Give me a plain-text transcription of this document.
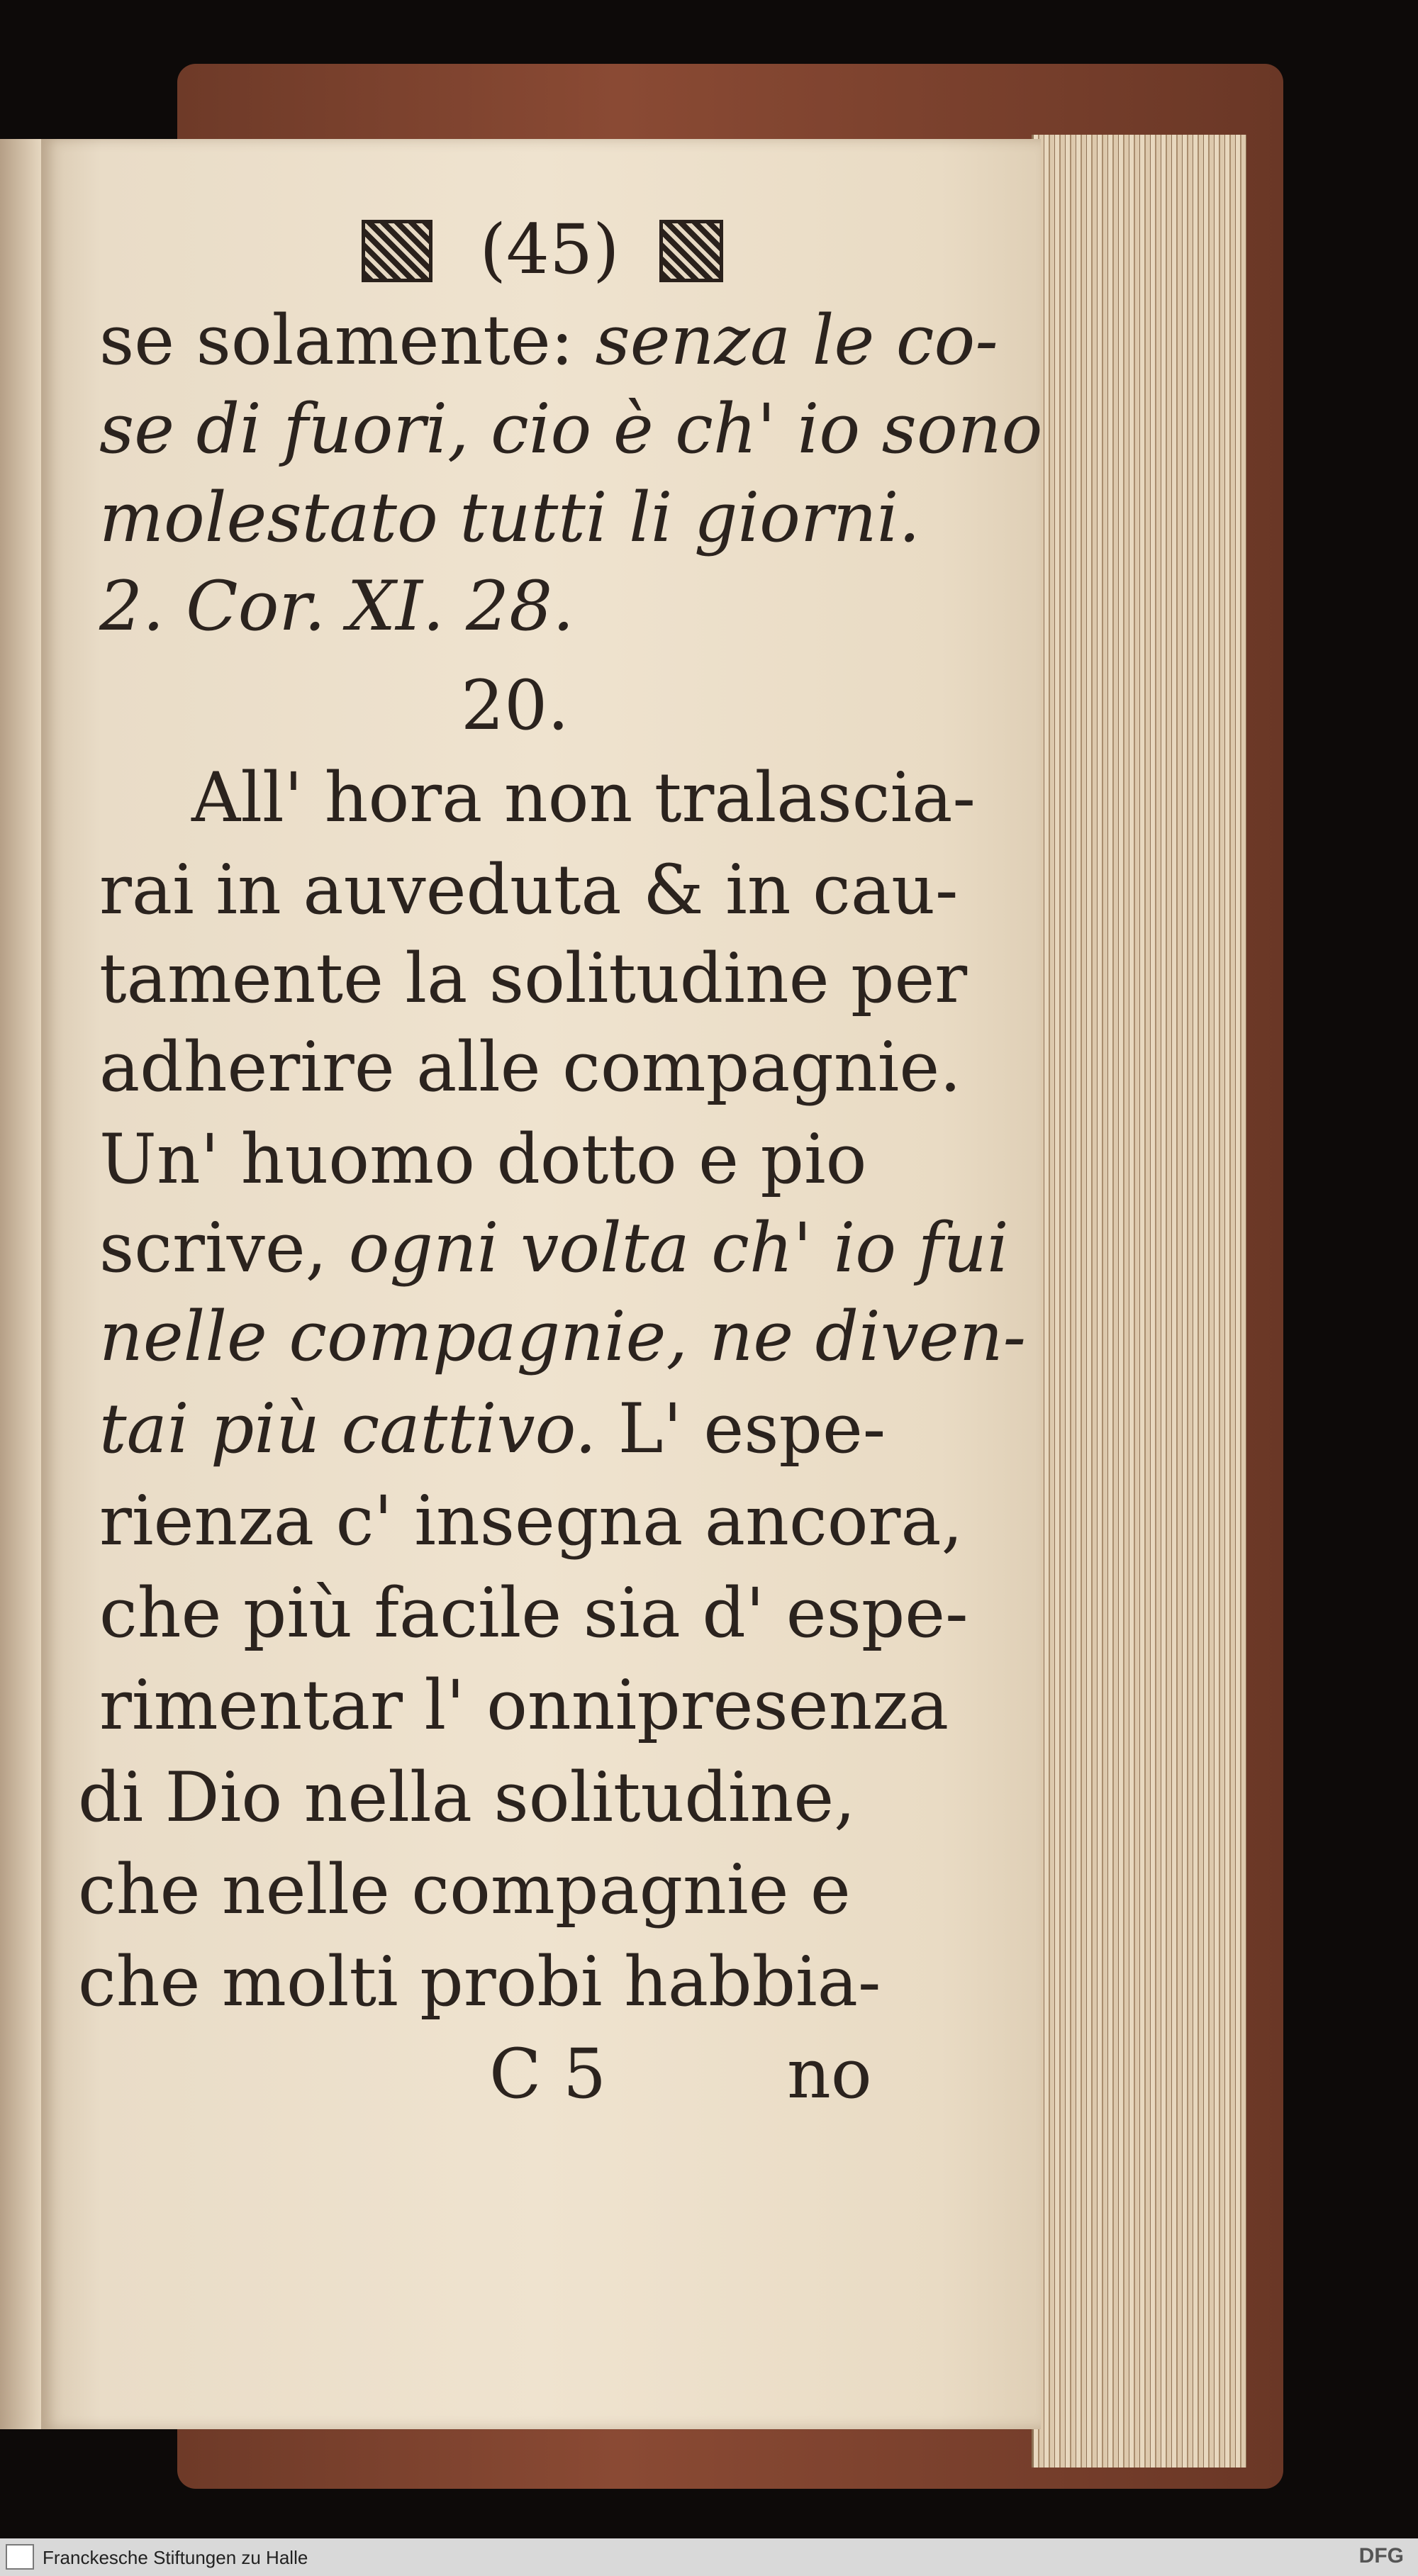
(45)
se solamente: senza le co-
se di fuori, cio è ch' io sono
molestato tutti li giorni.
2. Cor. XI. 28.
20.
All' hora non tralascia-
rai in auveduta & in cau-
tamente la solitudine per
adherire alle compagnie.
Un' huomo dotto e pio
scrive, ogni volta ch' io fui
nelle compagnie, ne diven-
tai più cattivo. L' espe-
rienza c' insegna ancora,
che più facile sia d' espe-
rimentar l' onnipresenza
di Dio nella solitudine,
che nelle compagnie e
che molti probi habbia-
C 5	no
Franckesche Stiftungen zu Halle	DFG
